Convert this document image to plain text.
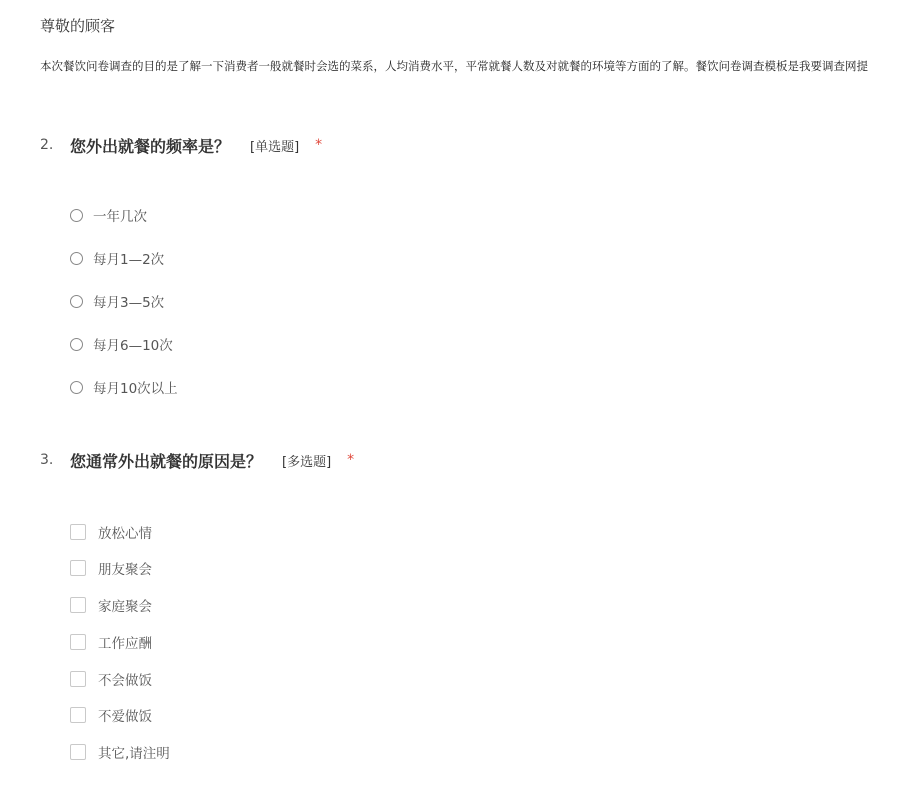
尊敬的顾客
本次餐饮问卷调查的目的是了解一下消费者一般就餐时会选的菜系，人均消费水平，平常就餐人数及对就餐的环境等方面的了解。餐饮问卷调查模板是我要调查网提
2.	您外出就餐的频率是？ [单选题] *
一年几次
每月1—2次
每月3—5次
每月6—10次
每月10次以上
3.	您通常外出就餐的原因是？ [多选题] *
放松心情
朋友聚会
家庭聚会
工作应酬
不会做饭
不爱做饭
其它,请注明
